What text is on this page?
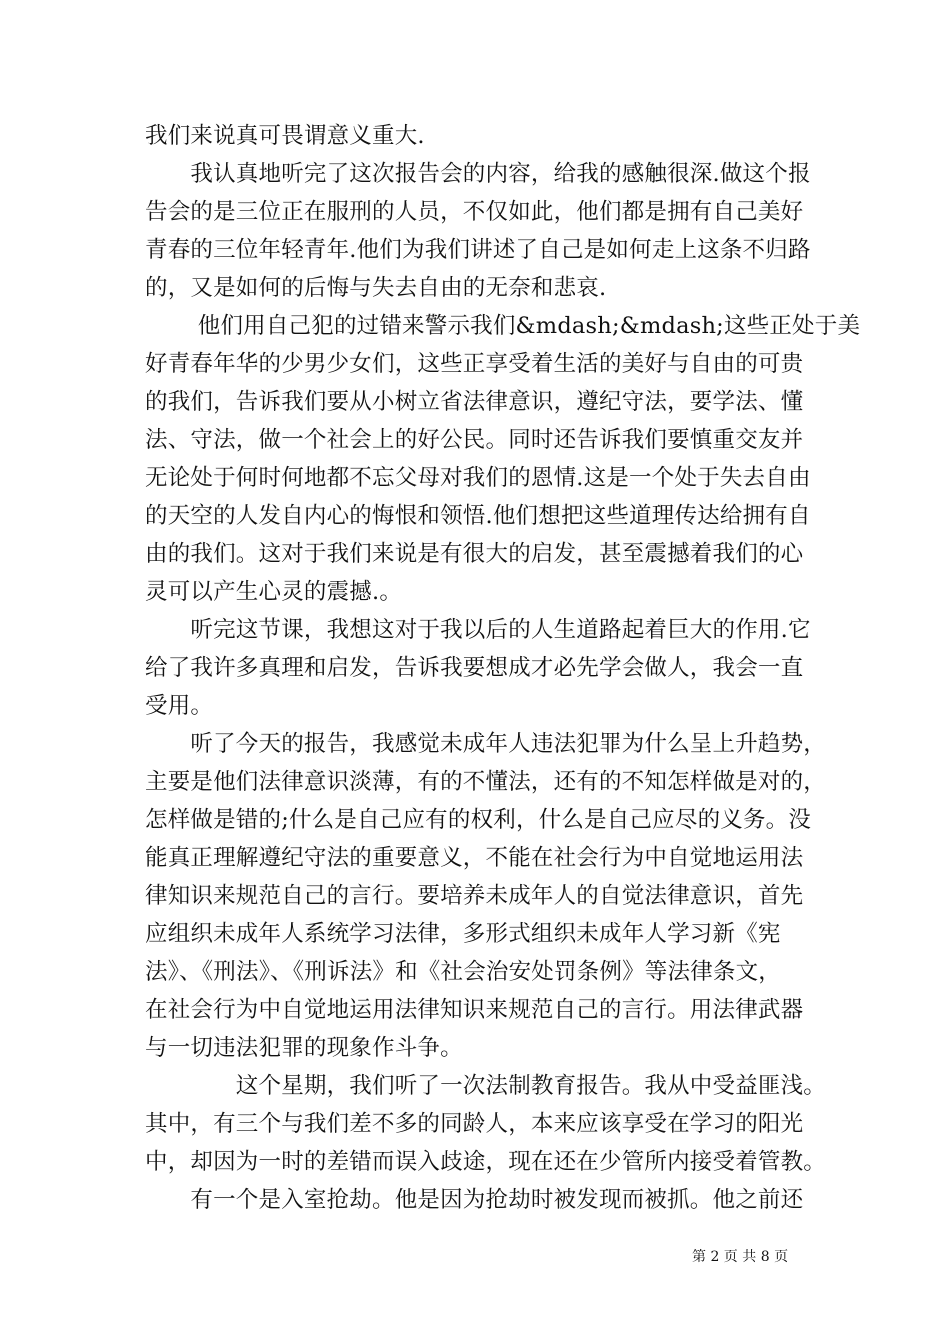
我们来说真可畏谓意义重大.
　　我认真地听完了这次报告会的内容，给我的感触很深.做这个报
告会的是三位正在服刑的人员，不仅如此，他们都是拥有自己美好
青春的三位年轻青年.他们为我们讲述了自己是如何走上这条不归路
的，又是如何的后悔与失去自由的无奈和悲哀.
　　 他们用自己犯的过错来警示我们&mdash;&mdash;这些正处于美
好青春年华的少男少女们，这些正享受着生活的美好与自由的可贵
的我们，告诉我们要从小树立省法律意识，遵纪守法，要学法、懂
法、守法，做一个社会上的好公民。同时还告诉我们要慎重交友并
无论处于何时何地都不忘父母对我们的恩情.这是一个处于失去自由
的天空的人发自内心的悔恨和领悟.他们想把这些道理传达给拥有自
由的我们。这对于我们来说是有很大的启发，甚至震撼着我们的心
灵可以产生心灵的震撼.。
　　听完这节课，我想这对于我以后的人生道路起着巨大的作用.它
给了我许多真理和启发，告诉我要想成才必先学会做人，我会一直
受用。
　　听了今天的报告，我感觉未成年人违法犯罪为什么呈上升趋势，
主要是他们法律意识淡薄，有的不懂法，还有的不知怎样做是对的，
怎样做是错的;什么是自己应有的权利，什么是自己应尽的义务。没
能真正理解遵纪守法的重要意义，不能在社会行为中自觉地运用法
律知识来规范自己的言行。要培养未成年人的自觉法律意识，首先
应组织未成年人系统学习法律，多形式组织未成年人学习新《宪
法》、《刑法》、《刑诉法》和《社会治安处罚条例》等法律条文，
在社会行为中自觉地运用法律知识来规范自己的言行。用法律武器
与一切违法犯罪的现象作斗争。
　　　　这个星期，我们听了一次法制教育报告。我从中受益匪浅。
其中，有三个与我们差不多的同龄人，本来应该享受在学习的阳光
中，却因为一时的差错而误入歧途，现在还在少管所内接受着管教。
　　有一个是入室抢劫。他是因为抢劫时被发现而被抓。他之前还
第 2 页 共 8 页
